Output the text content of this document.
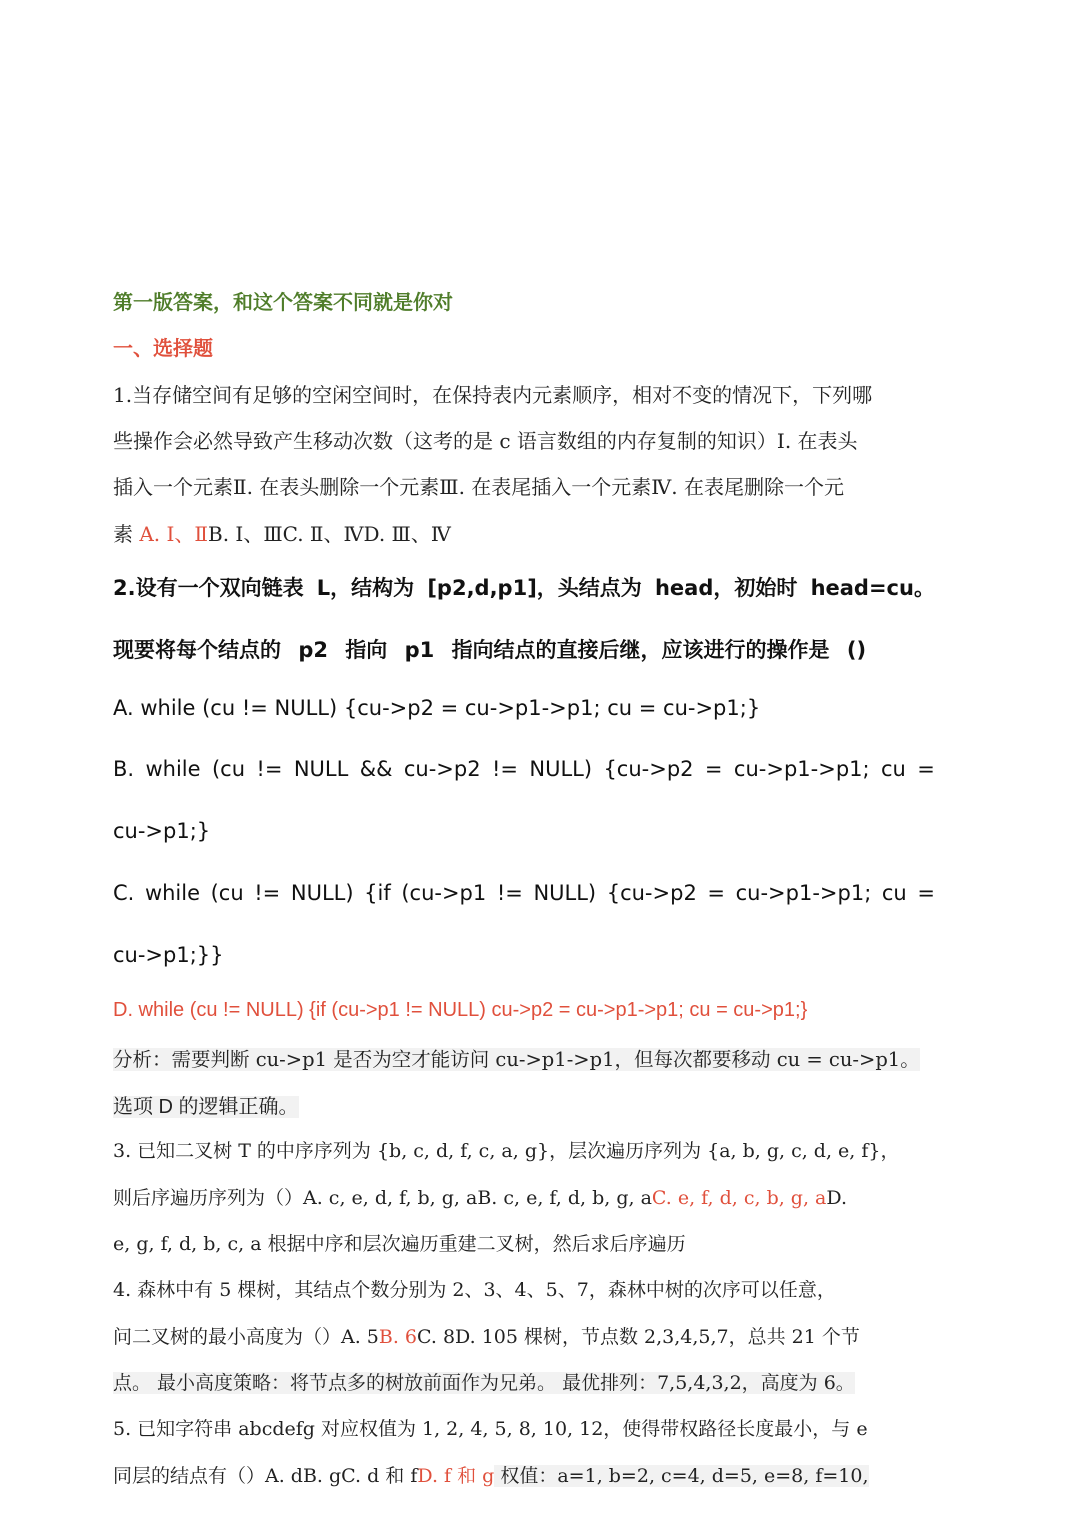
第一版答案，和这个答案不同就是你对
一、选择题
1.当存储空间有足够的空闲空间时，在保持表内元素顺序，相对不变的情况下，下列哪
些操作会必然导致产生移动次数（这考的是 c 语言数组的内存复制的知识）Ⅰ. 在表头
插入一个元素Ⅱ. 在表头删除一个元素Ⅲ. 在表尾插入一个元素Ⅳ. 在表尾删除一个元
素 A. Ⅰ、ⅡB. Ⅰ、ⅢC. Ⅱ、ⅣD. Ⅲ、Ⅳ
2.设有一个双向链表 L，结构为 [p2,d,p1]，头结点为 head，初始时 head=cu。
现要将每个结点的 p2 指向 p1 指向结点的直接后继，应该进行的操作是 ()
A. while (cu != NULL) {cu->p2 = cu->p1->p1; cu = cu->p1;}
B. while (cu != NULL && cu->p2 != NULL) {cu->p2 = cu->p1->p1; cu =
cu->p1;}
C. while (cu != NULL) {if (cu->p1 != NULL) {cu->p2 = cu->p1->p1; cu =
cu->p1;}}
D. while (cu != NULL) {if (cu->p1 != NULL) cu->p2 = cu->p1->p1; cu = cu->p1;}
分析：需要判断 cu->p1 是否为空才能访问 cu->p1->p1，但每次都要移动 cu = cu->p1。
选项 D 的逻辑正确。
3. 已知二叉树 T 的中序序列为 {b, c, d, f, c, a, g}，层次遍历序列为 {a, b, g, c, d, e, f}，
则后序遍历序列为（）A. c, e, d, f, b, g, aB. c, e, f, d, b, g, aC. e, f, d, c, b, g, aD.
e, g, f, d, b, c, a 根据中序和层次遍历重建二叉树，然后求后序遍历
4. 森林中有 5 棵树，其结点个数分别为 2、3、4、5、7，森林中树的次序可以任意，
问二叉树的最小高度为（）A. 5B. 6C. 8D. 105 棵树，节点数 2,3,4,5,7，总共 21 个节
点。 最小高度策略：将节点多的树放前面作为兄弟。 最优排列：7,5,4,3,2，高度为 6。
5. 已知字符串 abcdefg 对应权值为 1, 2, 4, 5, 8, 10, 12，使得带权路径长度最小，与 e
同层的结点有（）A. dB. gC. d 和 fD. f 和 g 权值：a=1, b=2, c=4, d=5, e=8, f=10,
